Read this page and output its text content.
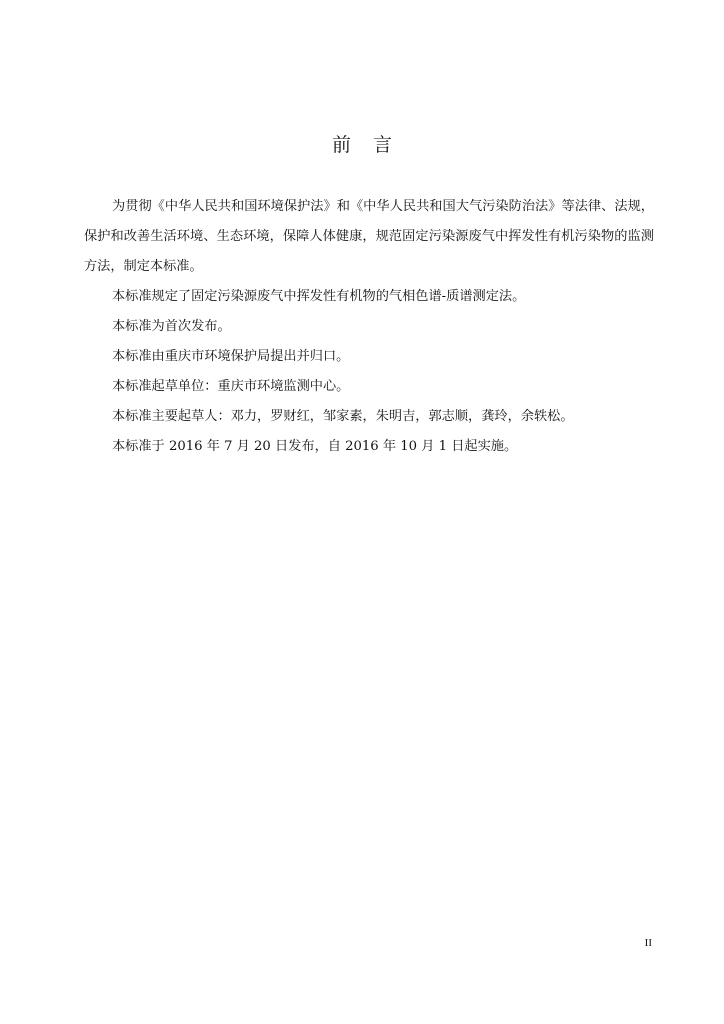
前言

为贯彻《中华人民共和国环境保护法》和《中华人民共和国大气污染防治法》等法律、法规，保护和改善生活环境、生态环境，保障人体健康，规范固定污染源废气中挥发性有机污染物的监测方法，制定本标准。

本标准规定了固定污染源废气中挥发性有机物的气相色谱-质谱测定法。

本标准为首次发布。

本标准由重庆市环境保护局提出并归口。

本标准起草单位：重庆市环境监测中心。

本标准主要起草人：邓力，罗财红，邹家素，朱明吉，郭志顺，龚玲，余轶松。

本标准于 2016 年 7 月 20 日发布，自 2016 年 10 月 1 日起实施。

II
